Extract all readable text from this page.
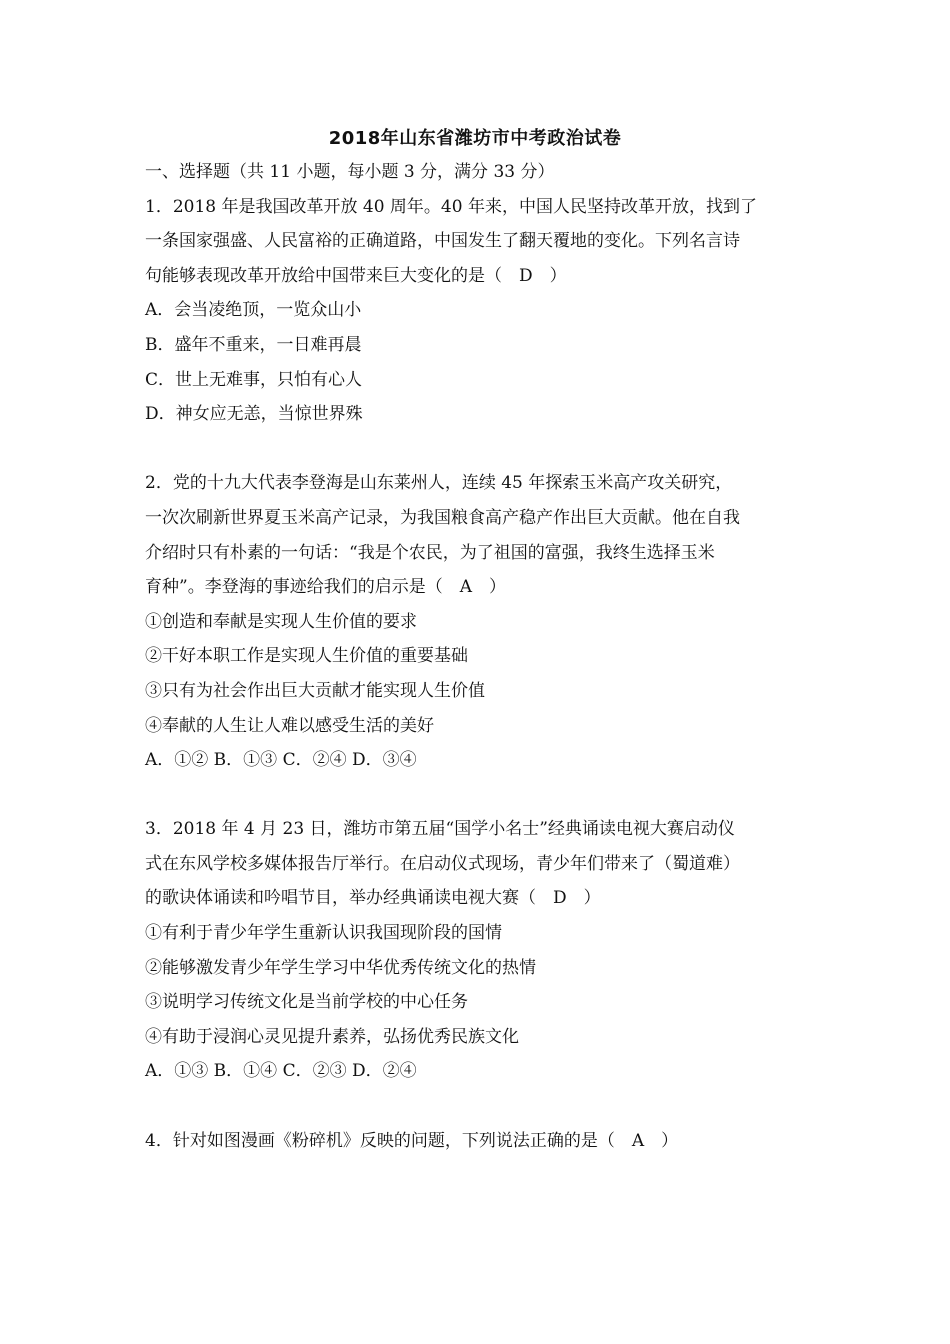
2018年山东省潍坊市中考政治试卷
一、选择题（共 11 小题，每小题 3 分，满分 33 分）
1．2018 年是我国改革开放 40 周年。40 年来，中国人民坚持改革开放，找到了
一条国家强盛、人民富裕的正确道路，中国发生了翻天覆地的变化。下列名言诗
句能够表现改革开放给中国带来巨大变化的是（　D　）
A．会当凌绝顶，一览众山小
B．盛年不重来，一日难再晨
C．世上无难事，只怕有心人
D．神女应无恙，当惊世界殊
2．党的十九大代表李登海是山东莱州人，连续 45 年探索玉米高产攻关研究，
一次次刷新世界夏玉米高产记录，为我国粮食高产稳产作出巨大贡献。他在自我
介绍时只有朴素的一句话：“我是个农民，为了祖国的富强，我终生选择玉米
育种”。李登海的事迹给我们的启示是（　A　）
①创造和奉献是实现人生价值的要求
②干好本职工作是实现人生价值的重要基础
③只有为社会作出巨大贡献才能实现人生价值
④奉献的人生让人难以感受生活的美好
A．①② B．①③ C．②④ D．③④
3．2018 年 4 月 23 日，潍坊市第五届“国学小名士”经典诵读电视大赛启动仪
式在东风学校多媒体报告厅举行。在启动仪式现场，青少年们带来了（蜀道难）
的歌诀体诵读和吟唱节目，举办经典诵读电视大赛（　D　）
①有利于青少年学生重新认识我国现阶段的国情
②能够激发青少年学生学习中华优秀传统文化的热情
③说明学习传统文化是当前学校的中心任务
④有助于浸润心灵见提升素养，弘扬优秀民族文化
A．①③ B．①④ C．②③ D．②④
4．针对如图漫画《粉碎机》反映的问题，下列说法正确的是（　A　）
